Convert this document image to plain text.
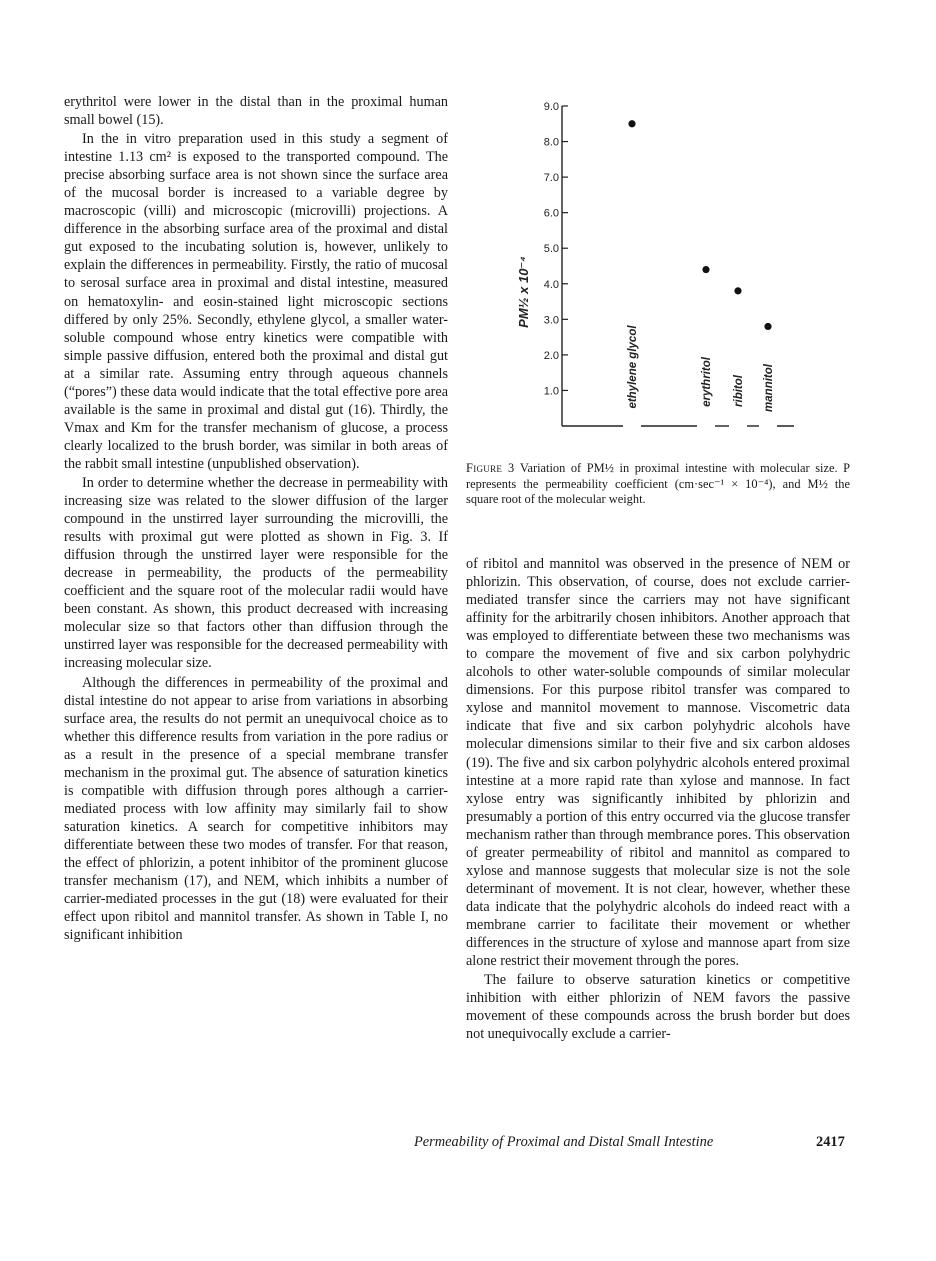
erythritol were lower in the distal than in the proximal human small bowel (15).

In the in vitro preparation used in this study a segment of intestine 1.13 cm² is exposed to the transported compound. The precise absorbing surface area is not shown since the surface area of the mucosal border is increased to a variable degree by macroscopic (villi) and microscopic (microvilli) projections. A difference in the absorbing surface area of the proximal and distal gut exposed to the incubating solution is, however, unlikely to explain the differences in permeability. Firstly, the ratio of mucosal to serosal surface area in proximal and distal intestine, measured on hematoxylin- and eosin-stained light microscopic sections differed by only 25%. Secondly, ethylene glycol, a smaller water-soluble compound whose entry kinetics were compatible with simple passive diffusion, entered both the proximal and distal gut at a similar rate. Assuming entry through aqueous channels (“pores”) these data would indicate that the total effective pore area available is the same in proximal and distal gut (16). Thirdly, the Vmax and Km for the transfer mechanism of glucose, a process clearly localized to the brush border, was similar in both areas of the rabbit small intestine (unpublished observation).

In order to determine whether the decrease in permeability with increasing size was related to the slower diffusion of the larger compound in the unstirred layer surrounding the microvilli, the results with proximal gut were plotted as shown in Fig. 3. If diffusion through the unstirred layer were responsible for the decrease in permeability, the products of the permeability coefficient and the square root of the molecular radii would have been constant. As shown, this product decreased with increasing molecular size so that factors other than diffusion through the unstirred layer was responsible for the decreased permeability with increasing molecular size.

Although the differences in permeability of the proximal and distal intestine do not appear to arise from variations in absorbing surface area, the results do not permit an unequivocal choice as to whether this difference results from variation in the pore radius or as a result in the presence of a special membrane transfer mechanism in the proximal gut. The absence of saturation kinetics is compatible with diffusion through pores although a carrier-mediated process with low affinity may similarly fail to show saturation kinetics. A search for competitive inhibitors may differentiate between these two modes of transfer. For that reason, the effect of phlorizin, a potent inhibitor of the prominent glucose transfer mechanism (17), and NEM, which inhibits a number of carrier-mediated processes in the gut (18) were evaluated for their effect upon ribitol and mannitol transfer. As shown in Table I, no significant inhibition

1.0
2.0
3.0
4.0
5.0
6.0
7.0
8.0
9.0
ethylene glycol	erythritol ribitol mannitol
PM½ x 10⁻⁴
Figure 3 Variation of PM½ in proximal intestine with molecular size. P represents the permeability coefficient (cm·sec⁻¹ × 10⁻⁴), and M½ the square root of the molecular weight.

of ribitol and mannitol was observed in the presence of NEM or phlorizin. This observation, of course, does not exclude carrier-mediated transfer since the carriers may not have significant affinity for the arbitrarily chosen inhibitors. Another approach that was employed to differentiate between these two mechanisms was to compare the movement of five and six carbon polyhydric alcohols to other water-soluble compounds of similar molecular dimensions. For this purpose ribitol transfer was compared to xylose and mannitol movement to mannose. Viscometric data indicate that five and six carbon polyhydric alcohols have molecular dimensions similar to their five and six carbon aldoses (19). The five and six carbon polyhydric alcohols entered proximal intestine at a more rapid rate than xylose and mannose. In fact xylose entry was significantly inhibited by phlorizin and presumably a portion of this entry occurred via the glucose transfer mechanism rather than through membrance pores. This observation of greater permeability of ribitol and mannitol as compared to xylose and mannose suggests that molecular size is not the sole determinant of movement. It is not clear, however, whether these data indicate that the polyhydric alcohols do indeed react with a membrane carrier to facilitate their movement or whether differences in the structure of xylose and mannose apart from size alone restrict their movement through the pores.

The failure to observe saturation kinetics or competitive inhibition with either phlorizin of NEM favors the passive movement of these compounds across the brush border but does not unequivocally exclude a carrier-

Permeability of Proximal and Distal Small Intestine	2417
